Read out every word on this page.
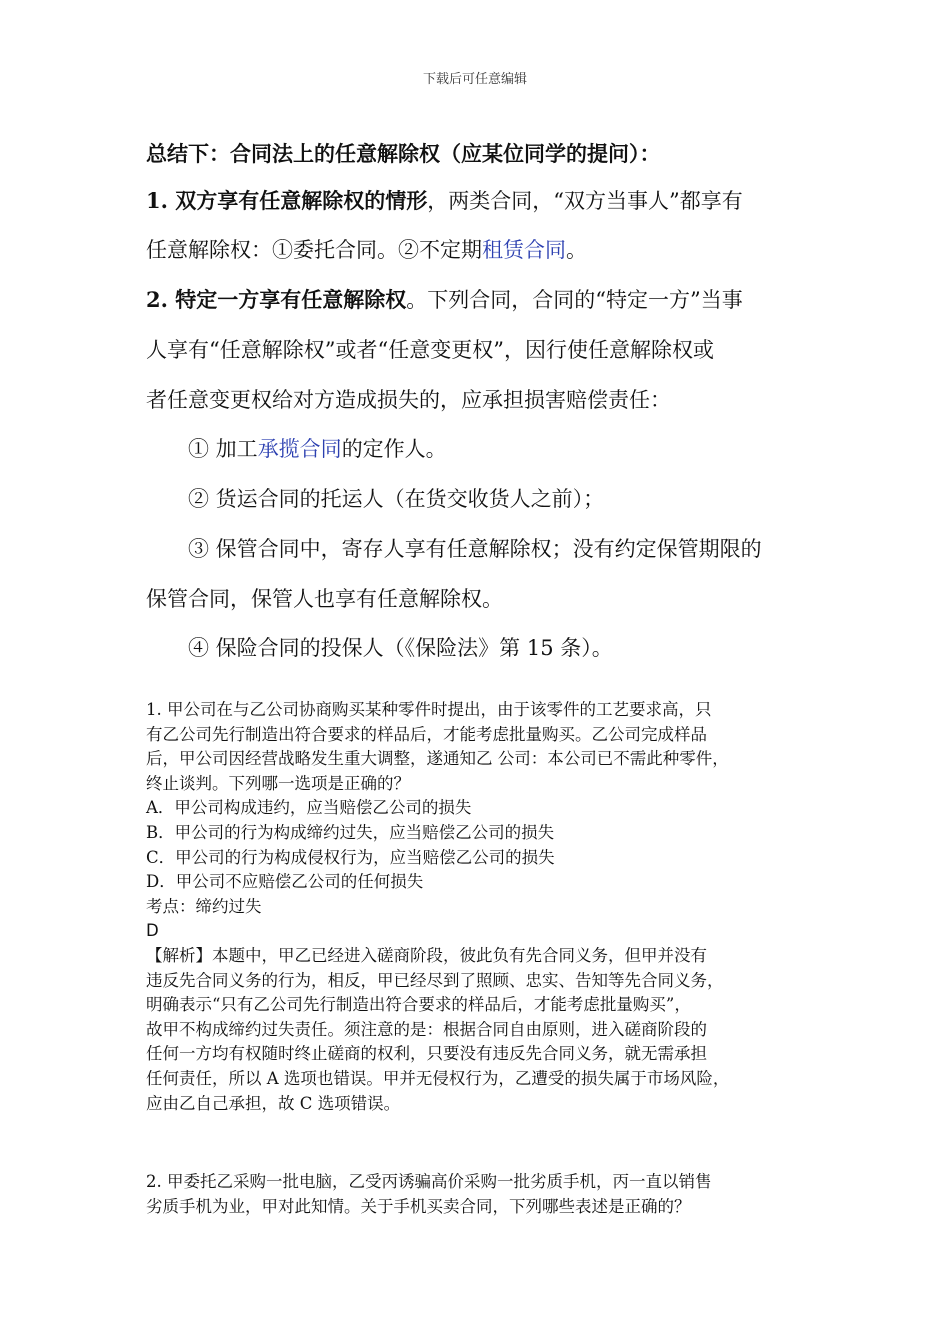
下载后可任意编辑
总结下：合同法上的任意解除权（应某位同学的提问）：
1. 双方享有任意解除权的情形，两类合同，“双方当事人”都享有
任意解除权：①委托合同。②不定期租赁合同。
2. 特定一方享有任意解除权。下列合同，合同的“特定一方”当事
人享有“任意解除权”或者“任意变更权”，因行使任意解除权或
者任意变更权给对方造成损失的，应承担损害赔偿责任：
① 加工承揽合同的定作人。
② 货运合同的托运人（在货交收货人之前）；
③ 保管合同中，寄存人享有任意解除权；没有约定保管期限的
保管合同，保管人也享有任意解除权。
④ 保险合同的投保人（《保险法》第 15 条）。
1. 甲公司在与乙公司协商购买某种零件时提出，由于该零件的工艺要求高，只
有乙公司先行制造出符合要求的样品后，才能考虑批量购买。乙公司完成样品
后，甲公司因经营战略发生重大调整，遂通知乙 公司：本公司已不需此种零件，
终止谈判。下列哪一选项是正确的？
A．甲公司构成违约，应当赔偿乙公司的损失
B．甲公司的行为构成缔约过失，应当赔偿乙公司的损失
C．甲公司的行为构成侵权行为，应当赔偿乙公司的损失
D．甲公司不应赔偿乙公司的任何损失
考点：缔约过失
D
【解析】本题中，甲乙已经进入磋商阶段，彼此负有先合同义务，但甲并没有
违反先合同义务的行为，相反，甲已经尽到了照顾、忠实、告知等先合同义务，
明确表示“只有乙公司先行制造出符合要求的样品后，才能考虑批量购买”，
故甲不构成缔约过失责任。须注意的是：根据合同自由原则，进入磋商阶段的
任何一方均有权随时终止磋商的权利，只要没有违反先合同义务，就无需承担
任何责任，所以 A 选项也错误。甲并无侵权行为，乙遭受的损失属于市场风险，
应由乙自己承担，故 C 选项错误。
2. 甲委托乙采购一批电脑，乙受丙诱骗高价采购一批劣质手机，丙一直以销售
劣质手机为业，甲对此知情。关于手机买卖合同，下列哪些表述是正确的？
